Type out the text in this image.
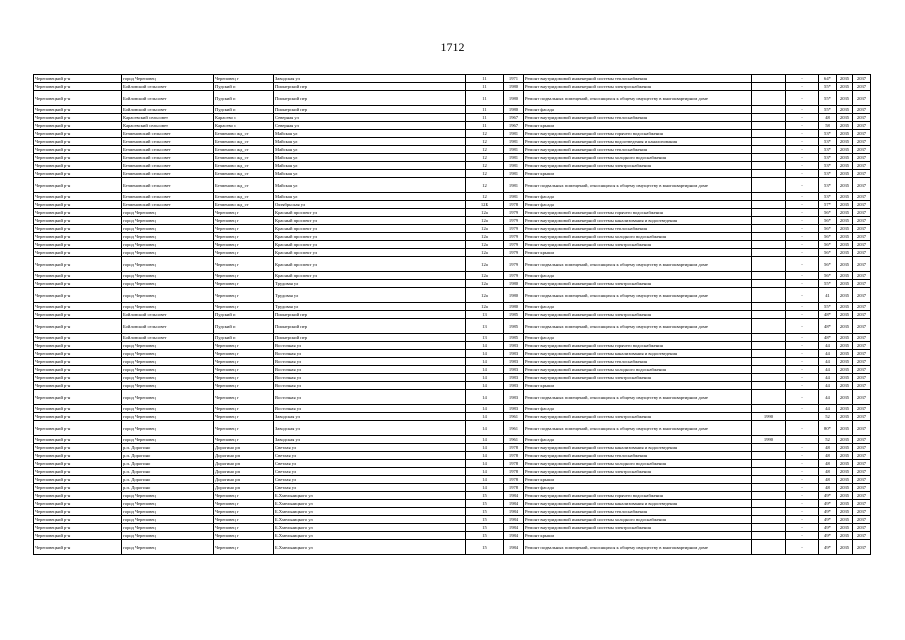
1712
Череповецкий р-н	город Череповец	Череповец г	Заводская ул	11	1971	Ремонт внутридомовой инженерной системы теплоснабжения		-	64*	2035	2037
Череповецкий р-н	Бойловский сельсовет	Пудский п	Пионерский пер	11	1980	Ремонт внутридомовой инженерной системы электроснабжения		-	55*	2035	2037
Череповецкий р-н	Бойловский сельсовет	Пудский п	Пионерский пер	11	1980	Ремонт подвальных помещений, относящихся к общему имуществу в многоквартирном доме		-	55*	2035	2037
Череповецкий р-н	Бойловский сельсовет	Пудский п	Пионерский пер	11	1980	Ремонт фасада		-	55*	2035	2037
Череповецкий р-н	Карасевский сельсовет	Карасево с	Северная ул	11	1967	Ремонт внутридомовой инженерной системы теплоснабжения		-	48	2035	2037
Череповецкий р-н	Карасевский сельсовет	Карасево с	Северная ул	11	1967	Ремонт крыши		-	58	2035	2037
Череповецкий р-н	Безменовский сельсовет	Безменово жд_ст	Майская ул	12	1981	Ремонт внутридомовой инженерной системы горячего водоснабжения		-	53*	2035	2037
Череповецкий р-н	Безменовский сельсовет	Безменово жд_ст	Майская ул	12	1981	Ремонт внутридомовой инженерной системы водоотведения и канализования		-	53*	2035	2037
Череповецкий р-н	Безменовский сельсовет	Безменово жд_ст	Майская ул	12	1981	Ремонт внутридомовой инженерной системы теплоснабжения		-	53*	2035	2037
Череповецкий р-н	Безменовский сельсовет	Безменово жд_ст	Майская ул	12	1981	Ремонт внутридомовой инженерной системы холодного водоснабжения		-	53*	2035	2037
Череповецкий р-н	Безменовский сельсовет	Безменово жд_ст	Майская ул	12	1981	Ремонт внутридомовой инженерной системы электроснабжения		-	53*	2035	2037
Череповецкий р-н	Безменовский сельсовет	Безменово жд_ст	Майская ул	12	1981	Ремонт крыши		-	53*	2035	2037
Череповецкий р-н	Безменовский сельсовет	Безменово жд_ст	Майская ул	12	1981	Ремонт подвальных помещений, относящихся к общему имуществу в многоквартирном доме		-	53*	2035	2037
Череповецкий р-н	Безменовский сельсовет	Безменово жд_ст	Майская ул	12	1981	Ремонт фасада		-	53*	2035	2037
Череповецкий р-н	Безменовский сельсовет	Безменово жд_ст	Октябрьская ул	12Б	1978	Ремонт фасада		-	57*	2035	2037
Череповецкий р-н	город Череповец	Череповец г	Красный проспект ул	12а	1979	Ремонт внутридомовой инженерной системы горячего водоснабжения		-	56*	2035	2037
Череповецкий р-н	город Череповец	Череповец г	Красный проспект ул	12а	1979	Ремонт внутридомовой инженерной системы канализования и водоотведения		-	56*	2035	2037
Череповецкий р-н	город Череповец	Череповец г	Красный проспект ул	12а	1979	Ремонт внутридомовой инженерной системы теплоснабжения		-	56*	2035	2037
Череповецкий р-н	город Череповец	Череповец г	Красный проспект ул	12а	1979	Ремонт внутридомовой инженерной системы холодного водоснабжения		-	56*	2035	2037
Череповецкий р-н	город Череповец	Череповец г	Красный проспект ул	12а	1979	Ремонт внутридомовой инженерной системы электроснабжения		-	56*	2035	2037
Череповецкий р-н	город Череповец	Череповец г	Красный проспект ул	12а	1979	Ремонт крыши		-	56*	2035	2037
Череповецкий р-н	город Череповец	Череповец г	Красный проспект ул	12а	1979	Ремонт подвальных помещений, относящихся к общему имуществу в многоквартирном доме		-	56*	2035	2037
Череповецкий р-н	город Череповец	Череповец г	Красный проспект ул	12а	1979	Ремонт фасада		-	56*	2035	2037
Череповецкий р-н	город Череповец	Череповец г	Трудовая ул	12а	1980	Ремонт внутридомовой инженерной системы электроснабжения		-	55*	2035	2037
Череповецкий р-н	город Череповец	Череповец г	Трудовая ул	12а	1980	Ремонт подвальных помещений, относящихся к общему имуществу в многоквартирном доме		-	41	2035	2037
Череповецкий р-н	город Череповец	Череповец г	Трудовая ул	12а	1980	Ремонт фасада		-	55*	2035	2037
Череповецкий р-н	Бойловский сельсовет	Пудский п	Пионерский пер	13	1985	Ремонт внутридомовой инженерной системы электроснабжения		-	48*	2035	2037
Череповецкий р-н	Бойловский сельсовет	Пудский п	Пионерский пер	13	1985	Ремонт подвальных помещений, относящихся к общему имуществу в многоквартирном доме		-	48*	2035	2037
Череповецкий р-н	Бойловский сельсовет	Пудский п	Пионерский пер	13	1985	Ремонт фасада		-	48*	2035	2037
Череповецкий р-н	город Череповец	Череповец г	Восточная ул	14	1983	Ремонт внутридомовой инженерной системы горячего водоснабжения		-	44	2035	2037
Череповецкий р-н	город Череповец	Череповец г	Восточная ул	14	1983	Ремонт внутридомовой инженерной системы канализования и водоотведения		-	44	2035	2037
Череповецкий р-н	город Череповец	Череповец г	Восточная ул	14	1983	Ремонт внутридомовой инженерной системы теплоснабжения		-	44	2035	2037
Череповецкий р-н	город Череповец	Череповец г	Восточная ул	14	1983	Ремонт внутридомовой инженерной системы холодного водоснабжения		-	44	2035	2037
Череповецкий р-н	город Череповец	Череповец г	Восточная ул	14	1983	Ремонт внутридомовой инженерной системы электроснабжения		-	44	2035	2037
Череповецкий р-н	город Череповец	Череповец г	Восточная ул	14	1983	Ремонт крыши		-	44	2035	2037
Череповецкий р-н	город Череповец	Череповец г	Восточная ул	14	1983	Ремонт подвальных помещений, относящихся к общему имуществу в многоквартирном доме		-	44	2035	2037
Череповецкий р-н	город Череповец	Череповец г	Восточная ул	14	1983	Ремонт фасада		-	44	2035	2037
Череповецкий р-н	город Череповец	Череповец г	Заводская ул	14	1961	Ремонт внутридомовой инженерной системы электроснабжения	1990		52	2035	2037
Череповецкий р-н	город Череповец	Череповец г	Заводская ул	14	1961	Ремонт подвальных помещений, относящихся к общему имуществу в многоквартирном доме		-	80*	2035	2037
Череповецкий р-н	город Череповец	Череповец г	Заводская ул	14	1961	Ремонт фасада	1990		52	2035	2037
Череповецкий р-н	р.п. Дорогино	Дорогино рп	Светлая ул	14	1978	Ремонт внутридомовой инженерной системы канализования и водоотведения		-	48	2035	2037
Череповецкий р-н	р.п. Дорогино	Дорогино рп	Светлая ул	14	1978	Ремонт внутридомовой инженерной системы теплоснабжения		-	48	2035	2037
Череповецкий р-н	р.п. Дорогино	Дорогино рп	Светлая ул	14	1978	Ремонт внутридомовой инженерной системы холодного водоснабжения		-	48	2035	2037
Череповецкий р-н	р.п. Дорогино	Дорогино рп	Светлая ул	14	1978	Ремонт внутридомовой инженерной системы электроснабжения		-	48	2035	2037
Череповецкий р-н	р.п. Дорогино	Дорогино рп	Светлая ул	14	1978	Ремонт крыши		-	48	2035	2037
Череповецкий р-н	р.п. Дорогино	Дорогино рп	Светлая ул	14	1978	Ремонт фасада		-	48	2035	2037
Череповецкий р-н	город Череповец	Череповец г	Б.Хмельницкого ул	15	1984	Ремонт внутридомовой инженерной системы горячего водоснабжения		-	49*	2035	2037
Череповецкий р-н	город Череповец	Череповец г	Б.Хмельницкого ул	15	1984	Ремонт внутридомовой инженерной системы канализования и водоотведения		-	49*	2035	2037
Череповецкий р-н	город Череповец	Череповец г	Б.Хмельницкого ул	15	1984	Ремонт внутридомовой инженерной системы теплоснабжения		-	49*	2035	2037
Череповецкий р-н	город Череповец	Череповец г	Б.Хмельницкого ул	15	1984	Ремонт внутридомовой инженерной системы холодного водоснабжения		-	49*	2035	2037
Череповецкий р-н	город Череповец	Череповец г	Б.Хмельницкого ул	15	1984	Ремонт внутридомовой инженерной системы электроснабжения		-	49*	2035	2037
Череповецкий р-н	город Череповец	Череповец г	Б.Хмельницкого ул	15	1984	Ремонт крыши		-	49*	2035	2037
Череповецкий р-н	город Череповец	Череповец г	Б.Хмельницкого ул	15	1984	Ремонт подвальных помещений, относящихся к общему имуществу в многоквартирном доме		-	49*	2035	2037
